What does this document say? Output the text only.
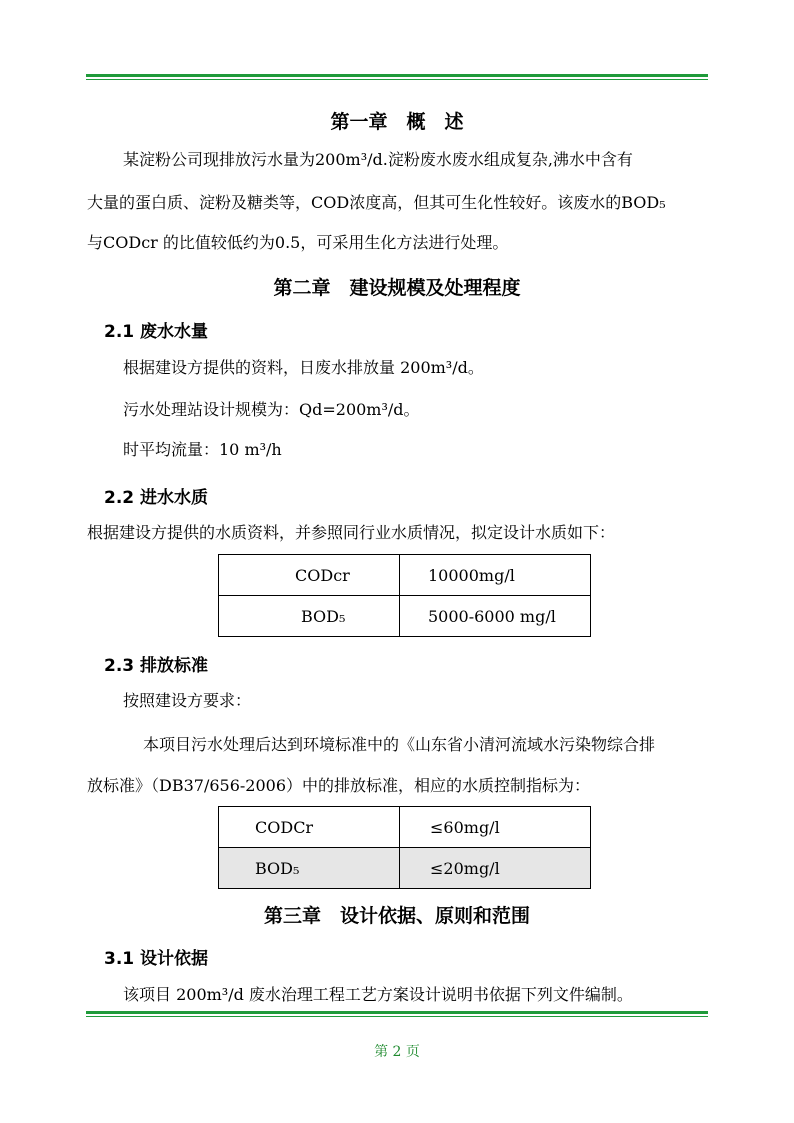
第一章　概　述
某淀粉公司现排放污水量为200m³/d.淀粉废水废水组成复杂,沸水中含有
大量的蛋白质、淀粉及糖类等，COD浓度高，但其可生化性较好。该废水的BOD₅
与CODcr 的比值较低约为0.5，可采用生化方法进行处理。
第二章　建设规模及处理程度
2.1 废水水量
根据建设方提供的资料，日废水排放量 200m³/d。
污水处理站设计规模为：Qd=200m³/d。
时平均流量：10 m³/h
2.2 进水水质
根据建设方提供的水质资料，并参照同行业水质情况，拟定设计水质如下：
CODcr	10000mg/l
BOD₅	5000-6000 mg/l
2.3 排放标准
按照建设方要求：
本项目污水处理后达到环境标准中的《山东省小清河流域水污染物综合排
放标准》（DB37/656-2006）中的排放标准，相应的水质控制指标为：
CODCr	≤60mg/l
BOD₅	≤20mg/l
第三章　设计依据、原则和范围
3.1 设计依据
该项目 200m³/d 废水治理工程工艺方案设计说明书依据下列文件编制。
第 2 页
